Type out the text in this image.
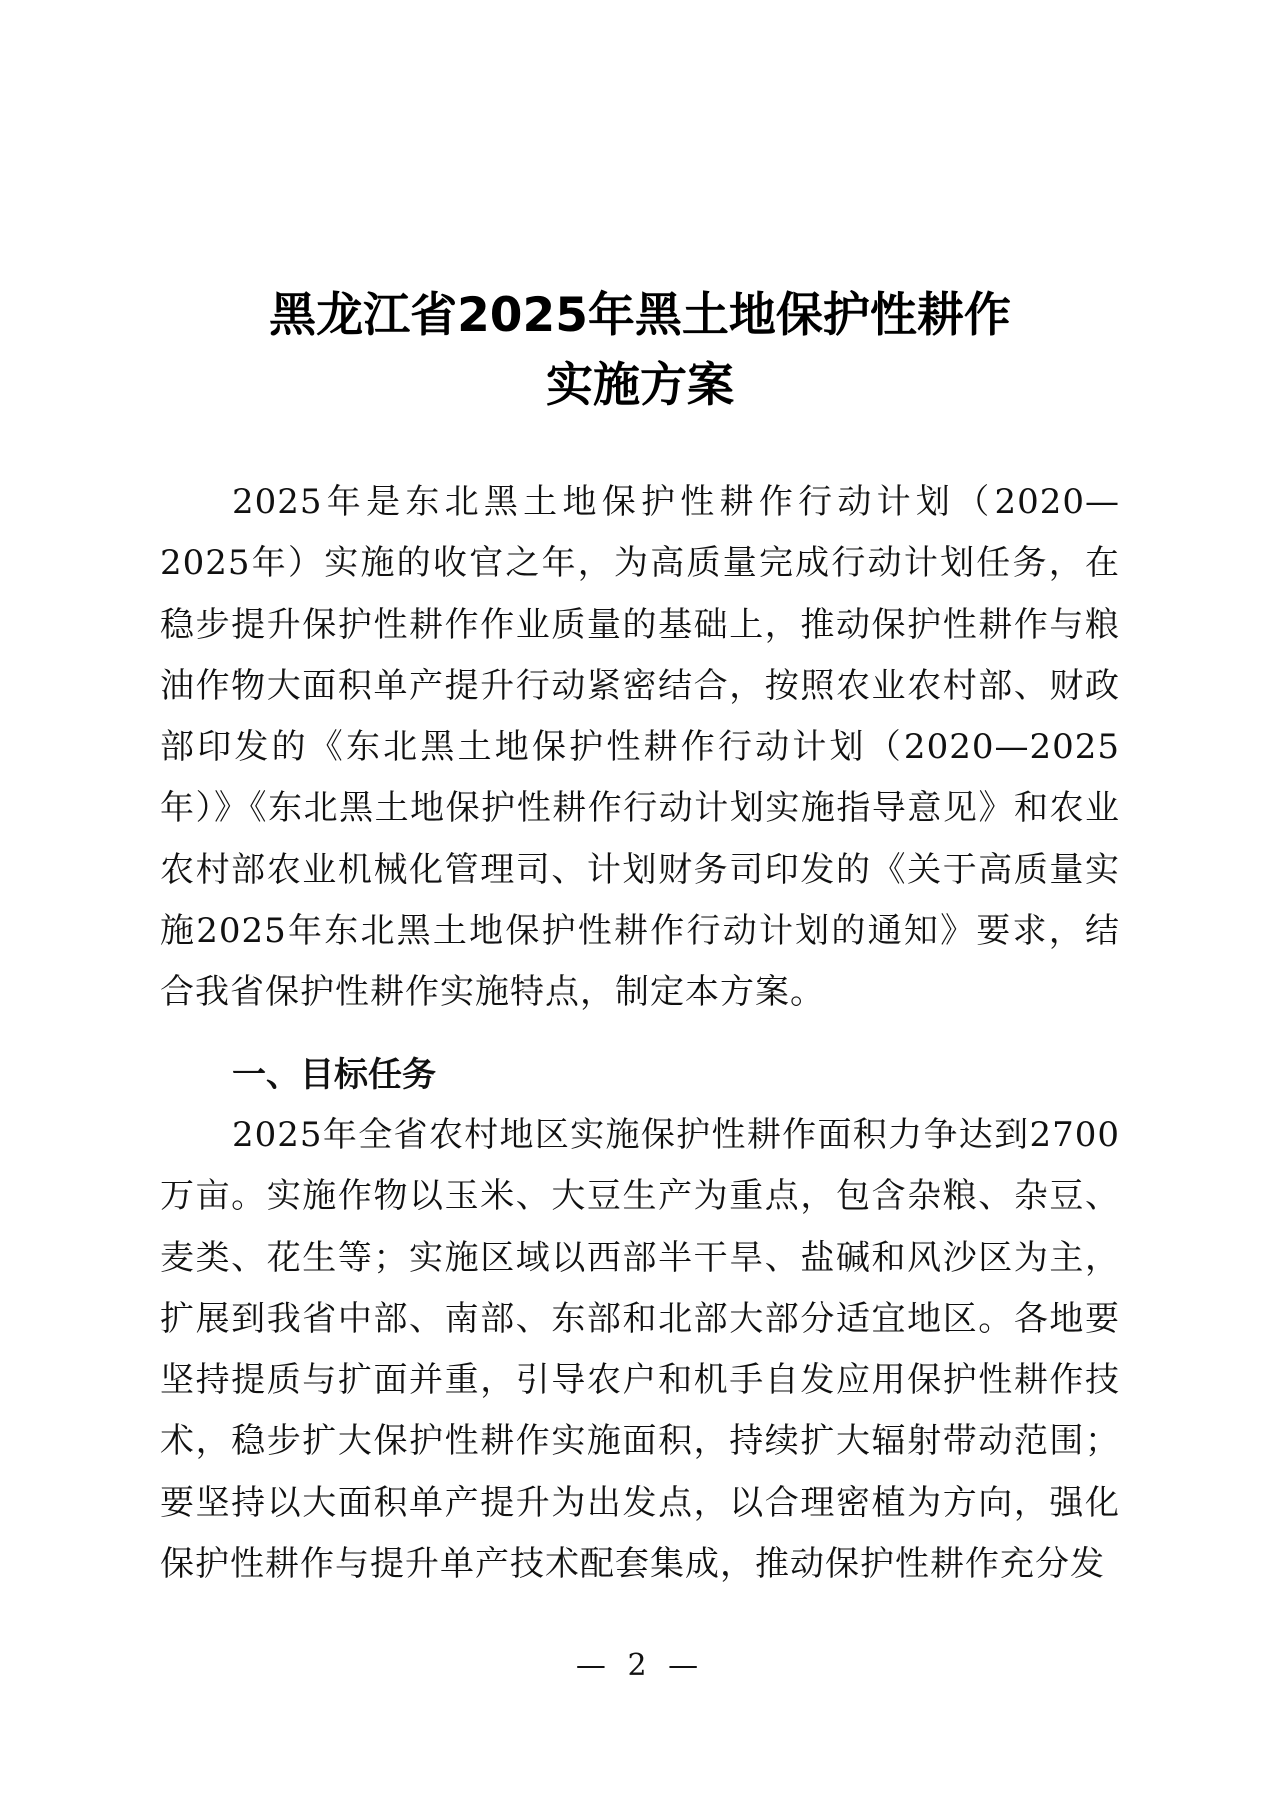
黑龙江省2025年黑土地保护性耕作
实施方案

2025年是东北黑土地保护性耕作行动计划（2020—2025年）实施的收官之年，为高质量完成行动计划任务，在稳步提升保护性耕作作业质量的基础上，推动保护性耕作与粮油作物大面积单产提升行动紧密结合，按照农业农村部、财政部印发的《东北黑土地保护性耕作行动计划（2020—2025年）》《东北黑土地保护性耕作行动计划实施指导意见》和农业农村部农业机械化管理司、计划财务司印发的《关于高质量实施2025年东北黑土地保护性耕作行动计划的通知》要求，结合我省保护性耕作实施特点，制定本方案。

一、目标任务

2025年全省农村地区实施保护性耕作面积力争达到2700万亩。实施作物以玉米、大豆生产为重点，包含杂粮、杂豆、麦类、花生等；实施区域以西部半干旱、盐碱和风沙区为主，扩展到我省中部、南部、东部和北部大部分适宜地区。各地要坚持提质与扩面并重，引导农户和机手自发应用保护性耕作技术，稳步扩大保护性耕作实施面积，持续扩大辐射带动范围；要坚持以大面积单产提升为出发点，以合理密植为方向，强化保护性耕作与提升单产技术配套集成，推动保护性耕作充分发

— 2 —
